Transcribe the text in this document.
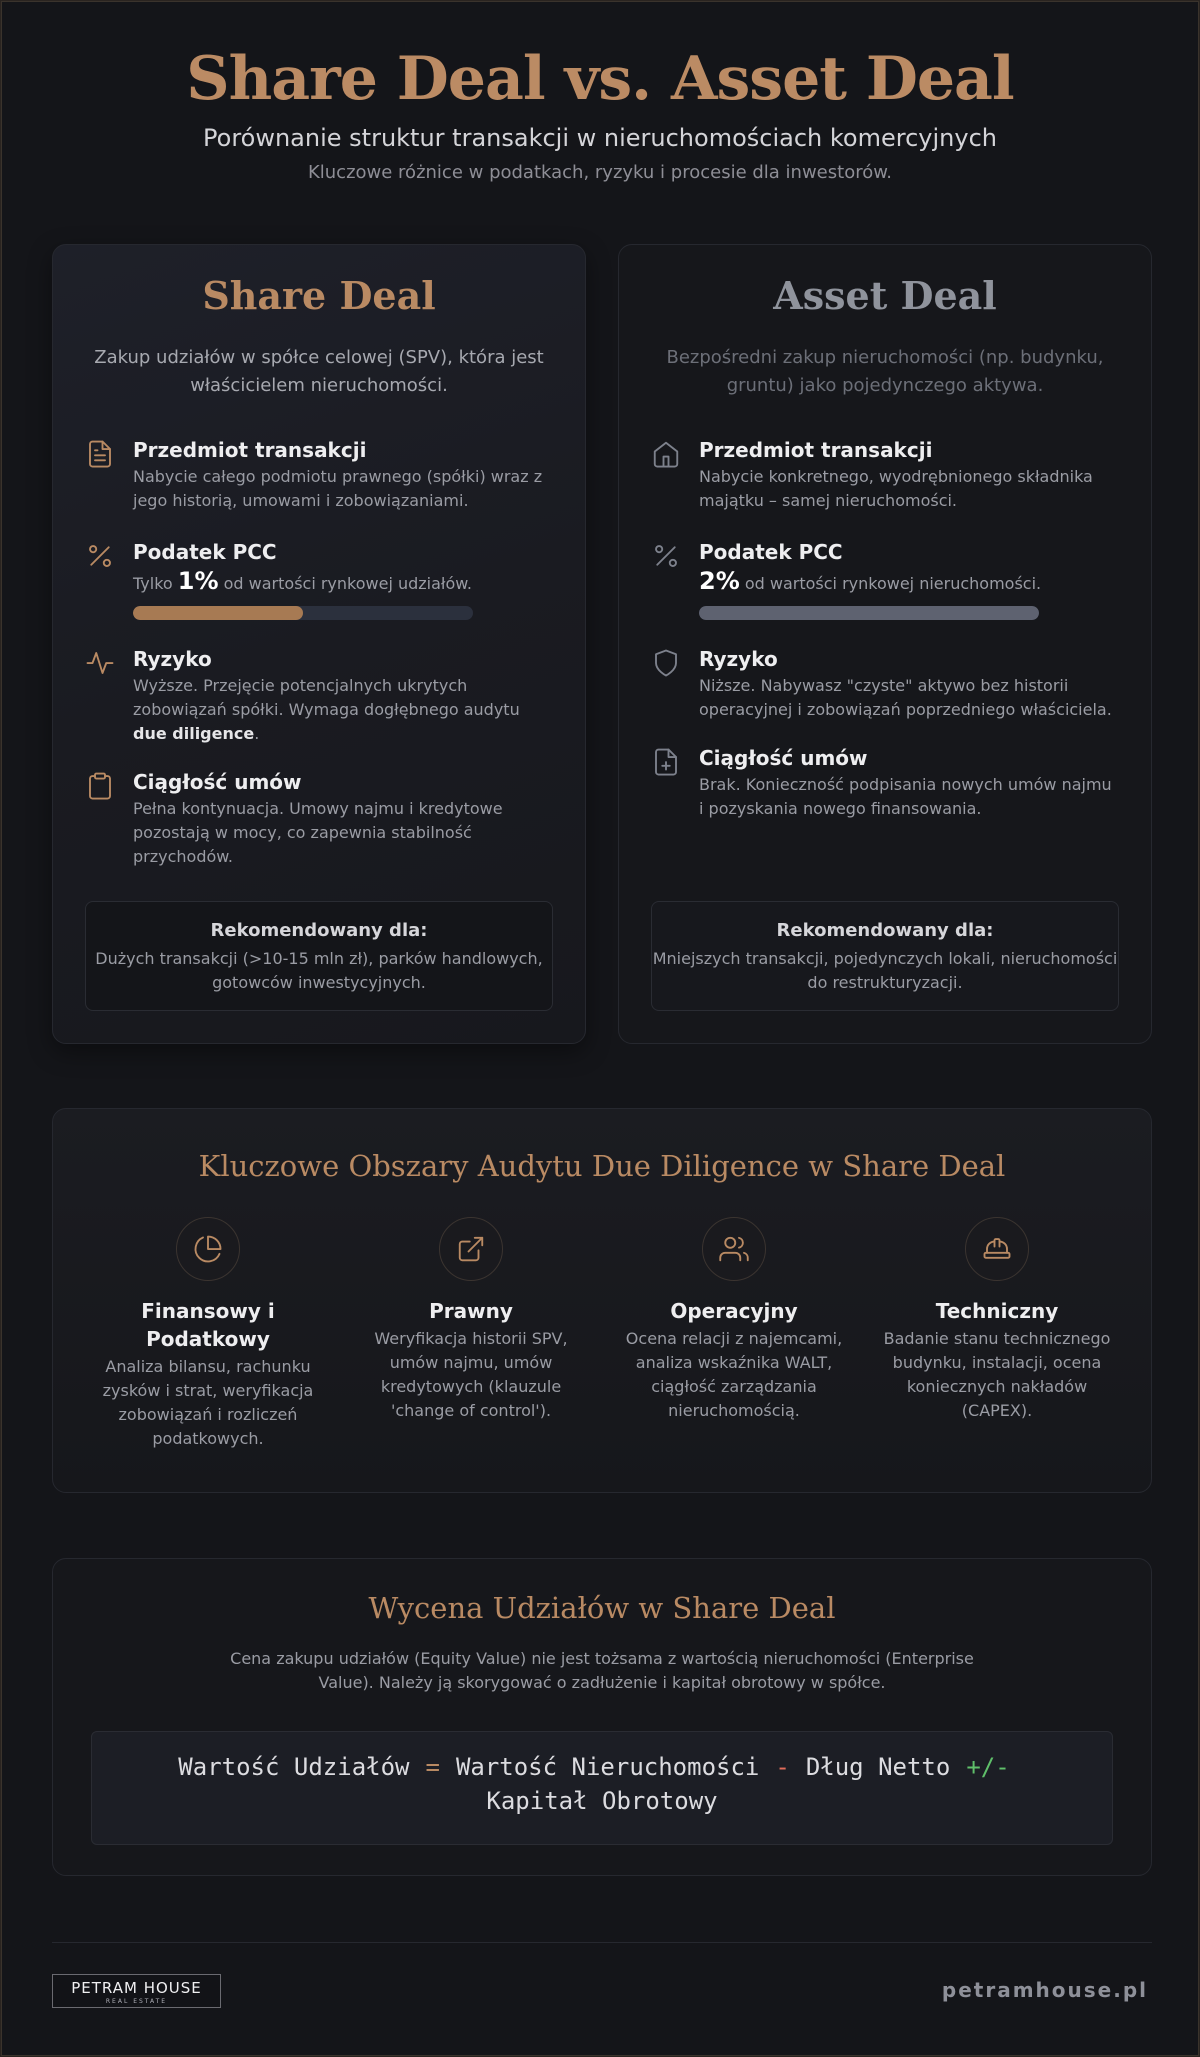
Share Deal vs. Asset Deal
Porównanie struktur transakcji w nieruchomościach komercyjnych
Kluczowe różnice w podatkach, ryzyku i procesie dla inwestorów.
Share Deal
Zakup udziałów w spółce celowej (SPV), która jest właścicielem nieruchomości.
Przedmiot transakcji
Nabycie całego podmiotu prawnego (spółki) wraz z jego historią, umowami i zobowiązaniami.
Podatek PCC
Tylko 1% od wartości rynkowej udziałów.
Ryzyko
Wyższe. Przejęcie potencjalnych ukrytych zobowiązań spółki. Wymaga dogłębnego audytu due diligence.
Ciągłość umów
Pełna kontynuacja. Umowy najmu i kredytowe pozostają w mocy, co zapewnia stabilność przychodów.
Rekomendowany dla:
Dużych transakcji (>10-15 mln zł), parków handlowych, gotowców inwestycyjnych.
Asset Deal
Bezpośredni zakup nieruchomości (np. budynku, gruntu) jako pojedynczego aktywa.
Przedmiot transakcji
Nabycie konkretnego, wyodrębnionego składnika majątku – samej nieruchomości.
Podatek PCC
2% od wartości rynkowej nieruchomości.
Ryzyko
Niższe. Nabywasz "czyste" aktywo bez historii operacyjnej i zobowiązań poprzedniego właściciela.
Ciągłość umów
Brak. Konieczność podpisania nowych umów najmu i pozyskania nowego finansowania.
Rekomendowany dla:
Mniejszych transakcji, pojedynczych lokali, nieruchomości do restrukturyzacji.
Kluczowe Obszary Audytu Due Diligence w Share Deal
Finansowy i Podatkowy
Analiza bilansu, rachunku zysków i strat, weryfikacja zobowiązań i rozliczeń podatkowych.
Prawny
Weryfikacja historii SPV, umów najmu, umów kredytowych (klauzule 'change of control').
Operacyjny
Ocena relacji z najemcami, analiza wskaźnika WALT, ciągłość zarządzania nieruchomością.
Techniczny
Badanie stanu technicznego budynku, instalacji, ocena koniecznych nakładów (CAPEX).
Wycena Udziałów w Share Deal
Cena zakupu udziałów (Equity Value) nie jest tożsama z wartością nieruchomości (Enterprise Value). Należy ją skorygować o zadłużenie i kapitał obrotowy w spółce.
Wartość Udziałów = Wartość Nieruchomości - Dług Netto +/-
Kapitał Obrotowy
PETRAM HOUSE
REAL ESTATE	petramhouse.pl
